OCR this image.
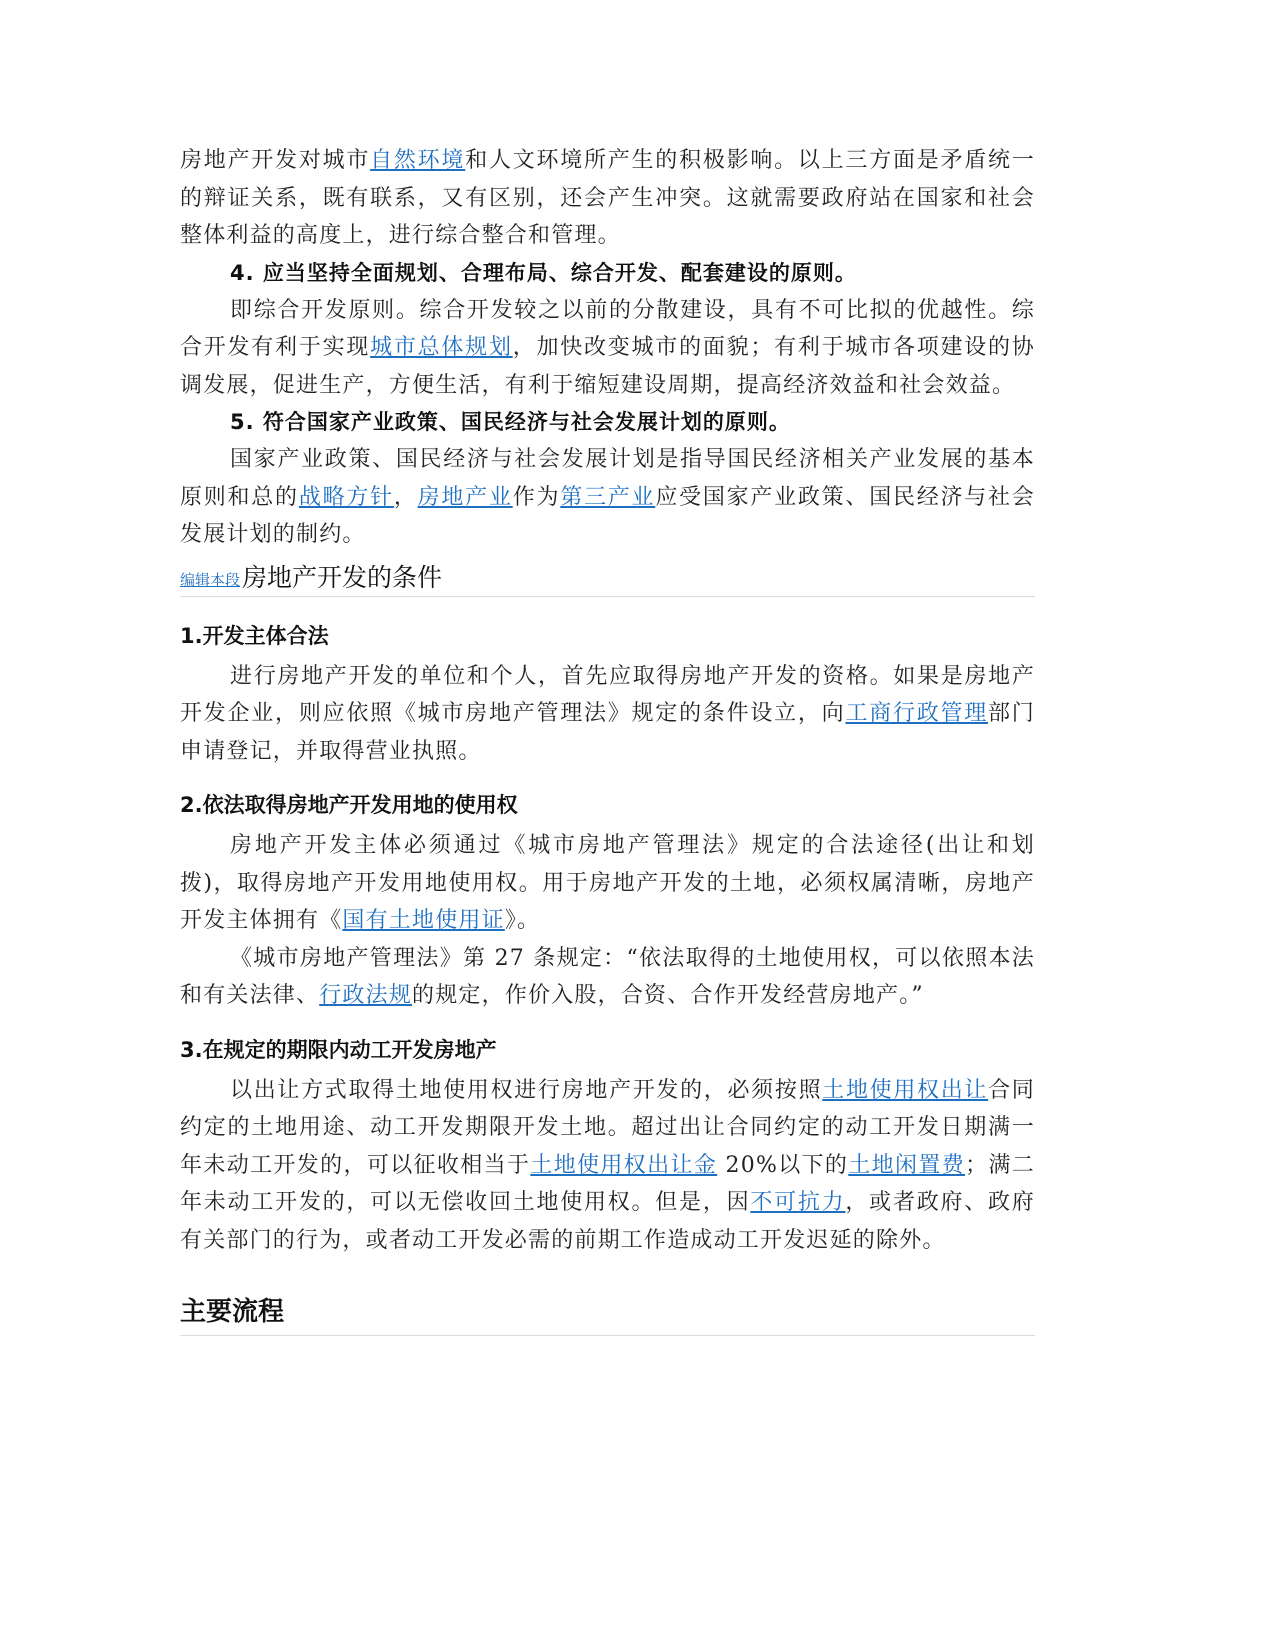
房地产开发对城市自然环境和人文环境所产生的积极影响。以上三方面是矛盾统一的辩证关系，既有联系，又有区别，还会产生冲突。这就需要政府站在国家和社会整体利益的高度上，进行综合整合和管理。

4. 应当坚持全面规划、合理布局、综合开发、配套建设的原则。

即综合开发原则。综合开发较之以前的分散建设，具有不可比拟的优越性。综合开发有利于实现城市总体规划，加快改变城市的面貌；有利于城市各项建设的协调发展，促进生产，方便生活，有利于缩短建设周期，提高经济效益和社会效益。

5. 符合国家产业政策、国民经济与社会发展计划的原则。

国家产业政策、国民经济与社会发展计划是指导国民经济相关产业发展的基本原则和总的战略方针，房地产业作为第三产业应受国家产业政策、国民经济与社会发展计划的制约。

编辑本段 房地产开发的条件

1.开发主体合法

进行房地产开发的单位和个人，首先应取得房地产开发的资格。如果是房地产开发企业，则应依照《城市房地产管理法》规定的条件设立，向工商行政管理部门申请登记，并取得营业执照。

2.依法取得房地产开发用地的使用权

房地产开发主体必须通过《城市房地产管理法》规定的合法途径(出让和划拨)，取得房地产开发用地使用权。用于房地产开发的土地，必须权属清晰，房地产开发主体拥有《国有土地使用证》。

《城市房地产管理法》第 27 条规定：“依法取得的土地使用权，可以依照本法和有关法律、行政法规的规定，作价入股，合资、合作开发经营房地产。”

3.在规定的期限内动工开发房地产

以出让方式取得土地使用权进行房地产开发的，必须按照土地使用权出让合同约定的土地用途、动工开发期限开发土地。超过出让合同约定的动工开发日期满一年未动工开发的，可以征收相当于土地使用权出让金 20%以下的土地闲置费；满二年未动工开发的，可以无偿收回土地使用权。但是，因不可抗力，或者政府、政府有关部门的行为，或者动工开发必需的前期工作造成动工开发迟延的除外。

主要流程
